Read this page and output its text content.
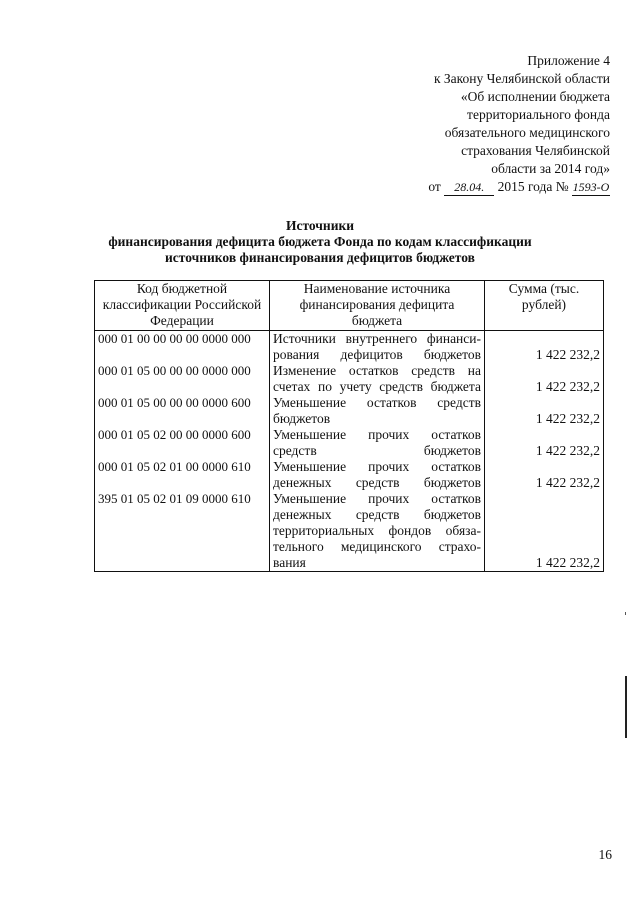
Приложение 4
к Закону Челябинской области
«Об исполнении бюджета
территориального фонда
обязательного медицинского
страхования Челябинской
области за 2014 год»
от 28.04. 2015 года № 1593-О
Источники
финансирования дефицита бюджета Фонда по кодам классификации
источников финансирования дефицитов бюджетов
Код бюджетной классификации Российской Федерации	Наименование источника финансирования дефицита бюджета	Сумма (тыс. рублей)
000 01 00 00 00 00 0000 000	Источники внутреннего финанси-рования дефицитов бюджетов	1 422 232,2
000 01 05 00 00 00 0000 000	Изменение остатков средств на счетах по учету средств бюджета	1 422 232,2
000 01 05 00 00 00 0000 600	Уменьшение остатков средств бюджетов	1 422 232,2
000 01 05 02 00 00 0000 600	Уменьшение прочих остатков средств бюджетов	1 422 232,2
000 01 05 02 01 00 0000 610	Уменьшение прочих остатков денежных средств бюджетов	1 422 232,2
395 01 05 02 01 09 0000 610	Уменьшение прочих остатков денежных средств бюджетов территориальных фондов обяза-тельного медицинского страхо-вания	1 422 232,2
16
